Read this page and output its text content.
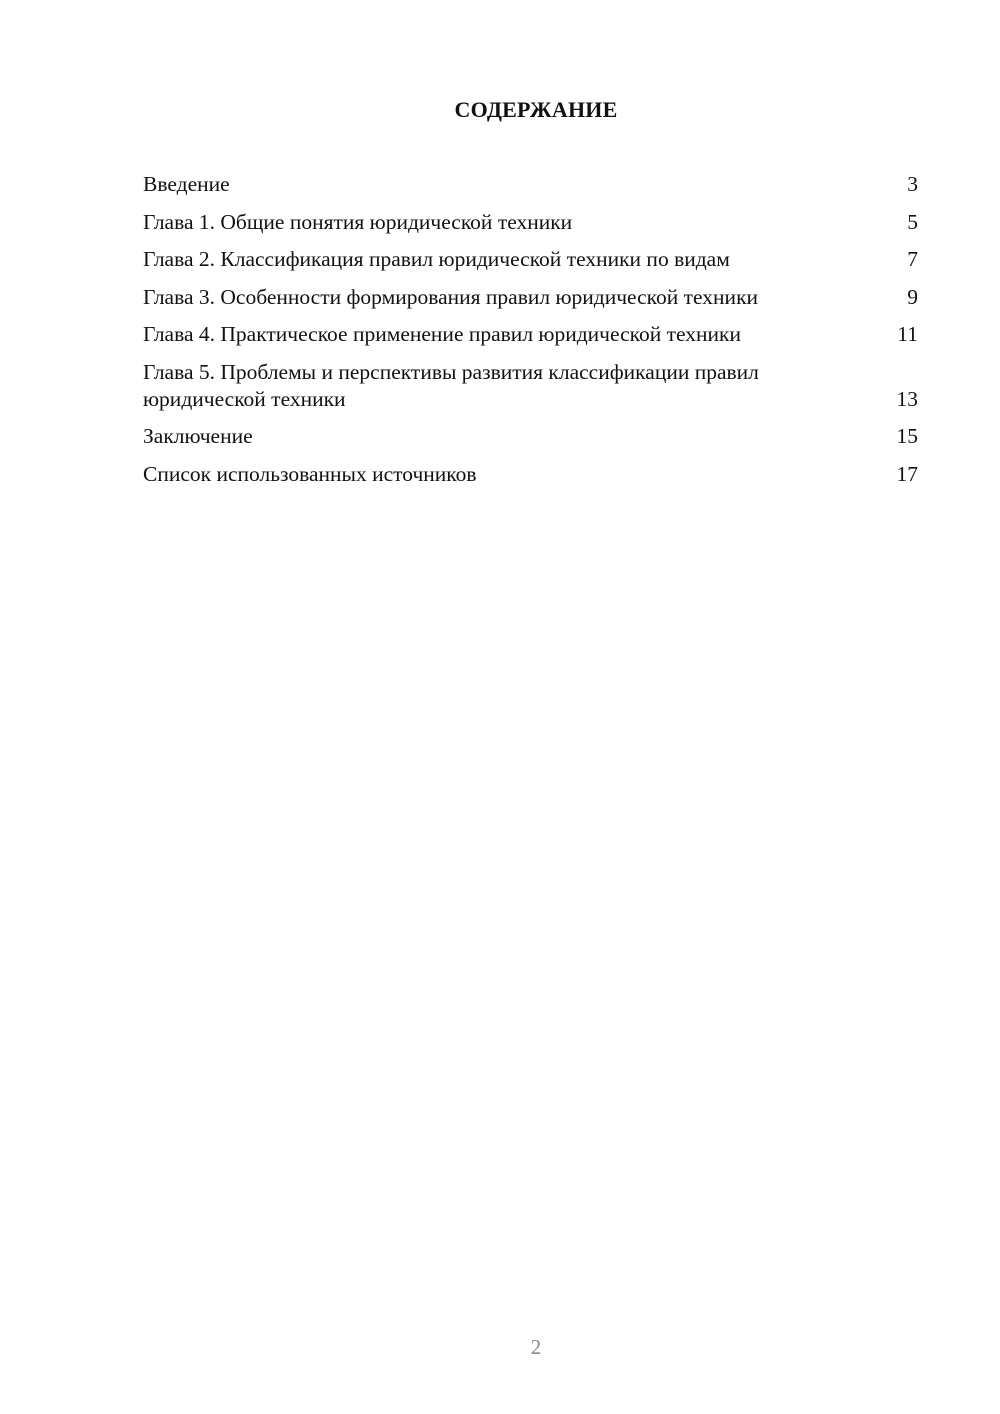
СОДЕРЖАНИЕ
Введение	3
Глава 1. Общие понятия юридической техники	5
Глава 2. Классификация правил юридической техники по видам	7
Глава 3. Особенности формирования правил юридической техники	9
Глава 4. Практическое применение правил юридической техники	11
Глава 5. Проблемы и перспективы развития классификации правил юридической техники	13
Заключение	15
Список использованных источников	17
2
